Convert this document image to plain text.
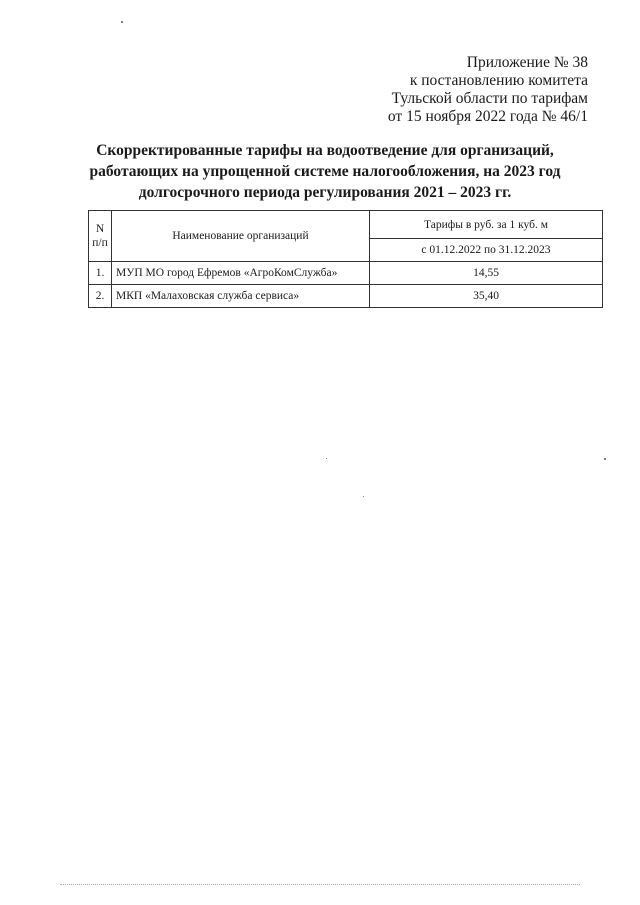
Приложение № 38
к постановлению комитета
Тульской области по тарифам
от 15 ноября 2022 года № 46/1
Скорректированные тарифы на водоотведение для организаций,
работающих на упрощенной системе налогообложения, на 2023 год
долгосрочного периода регулирования 2021 – 2023 гг.
N
п/п	Наименование организаций	Тарифы в руб. за 1 куб. м
		с 01.12.2022 по 31.12.2023
1.	МУП МО город Ефремов «АгроКомСлужба»	14,55
2.	МКП «Малаховская служба сервиса»	35,40
